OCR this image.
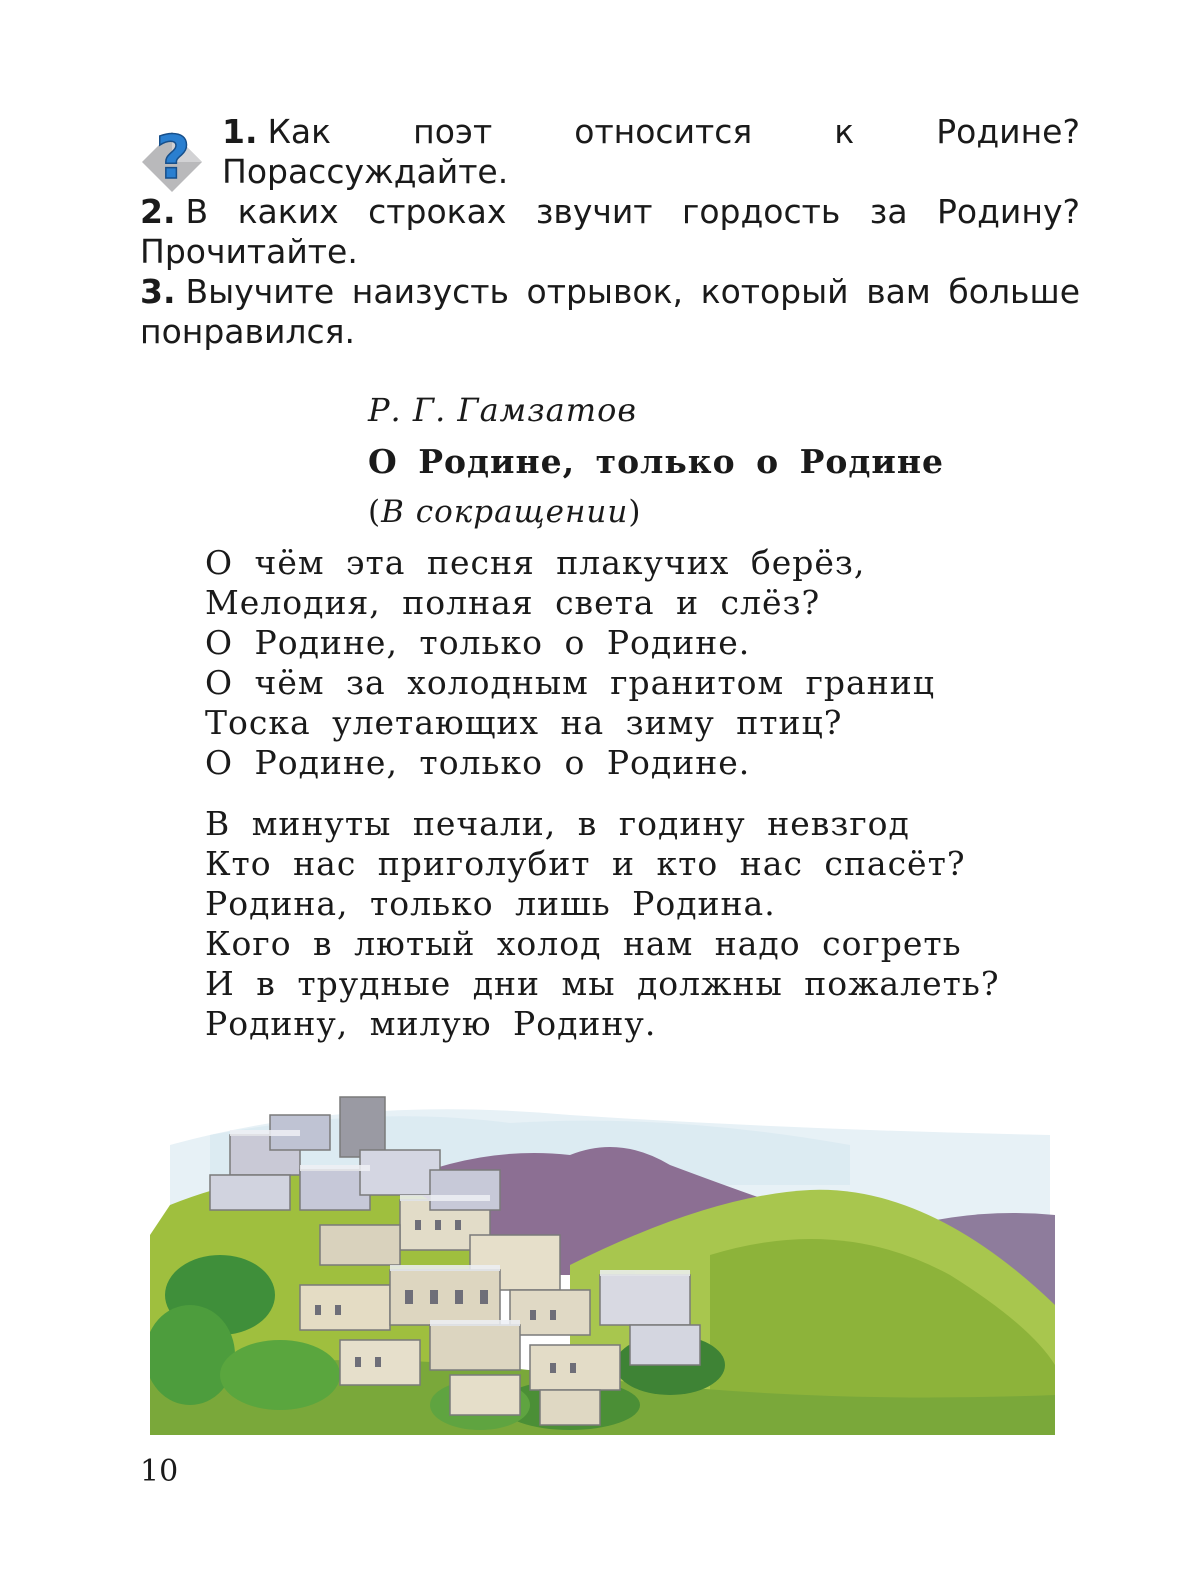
? 1. Как поэт относится к Родине? Порассуждайте.
2. В каких строках звучит гордость за Родину? Прочитайте.
3. Выучите наизусть отрывок, который вам больше понравился.
Р. Г. Гамзатов
О Родине, только о Родине
(В сокращении)
О чём эта песня плакучих берёз,
Мелодия, полная света и слёз?
О Родине, только о Родине.
О чём за холодным гранитом границ
Тоска улетающих на зиму птиц?
О Родине, только о Родине.
В минуты печали, в годину невзгод
Кто нас приголубит и кто нас спасёт?
Родина, только лишь Родина.
Кого в лютый холод нам надо согреть
И в трудные дни мы должны пожалеть?
Родину, милую Родину.
10
